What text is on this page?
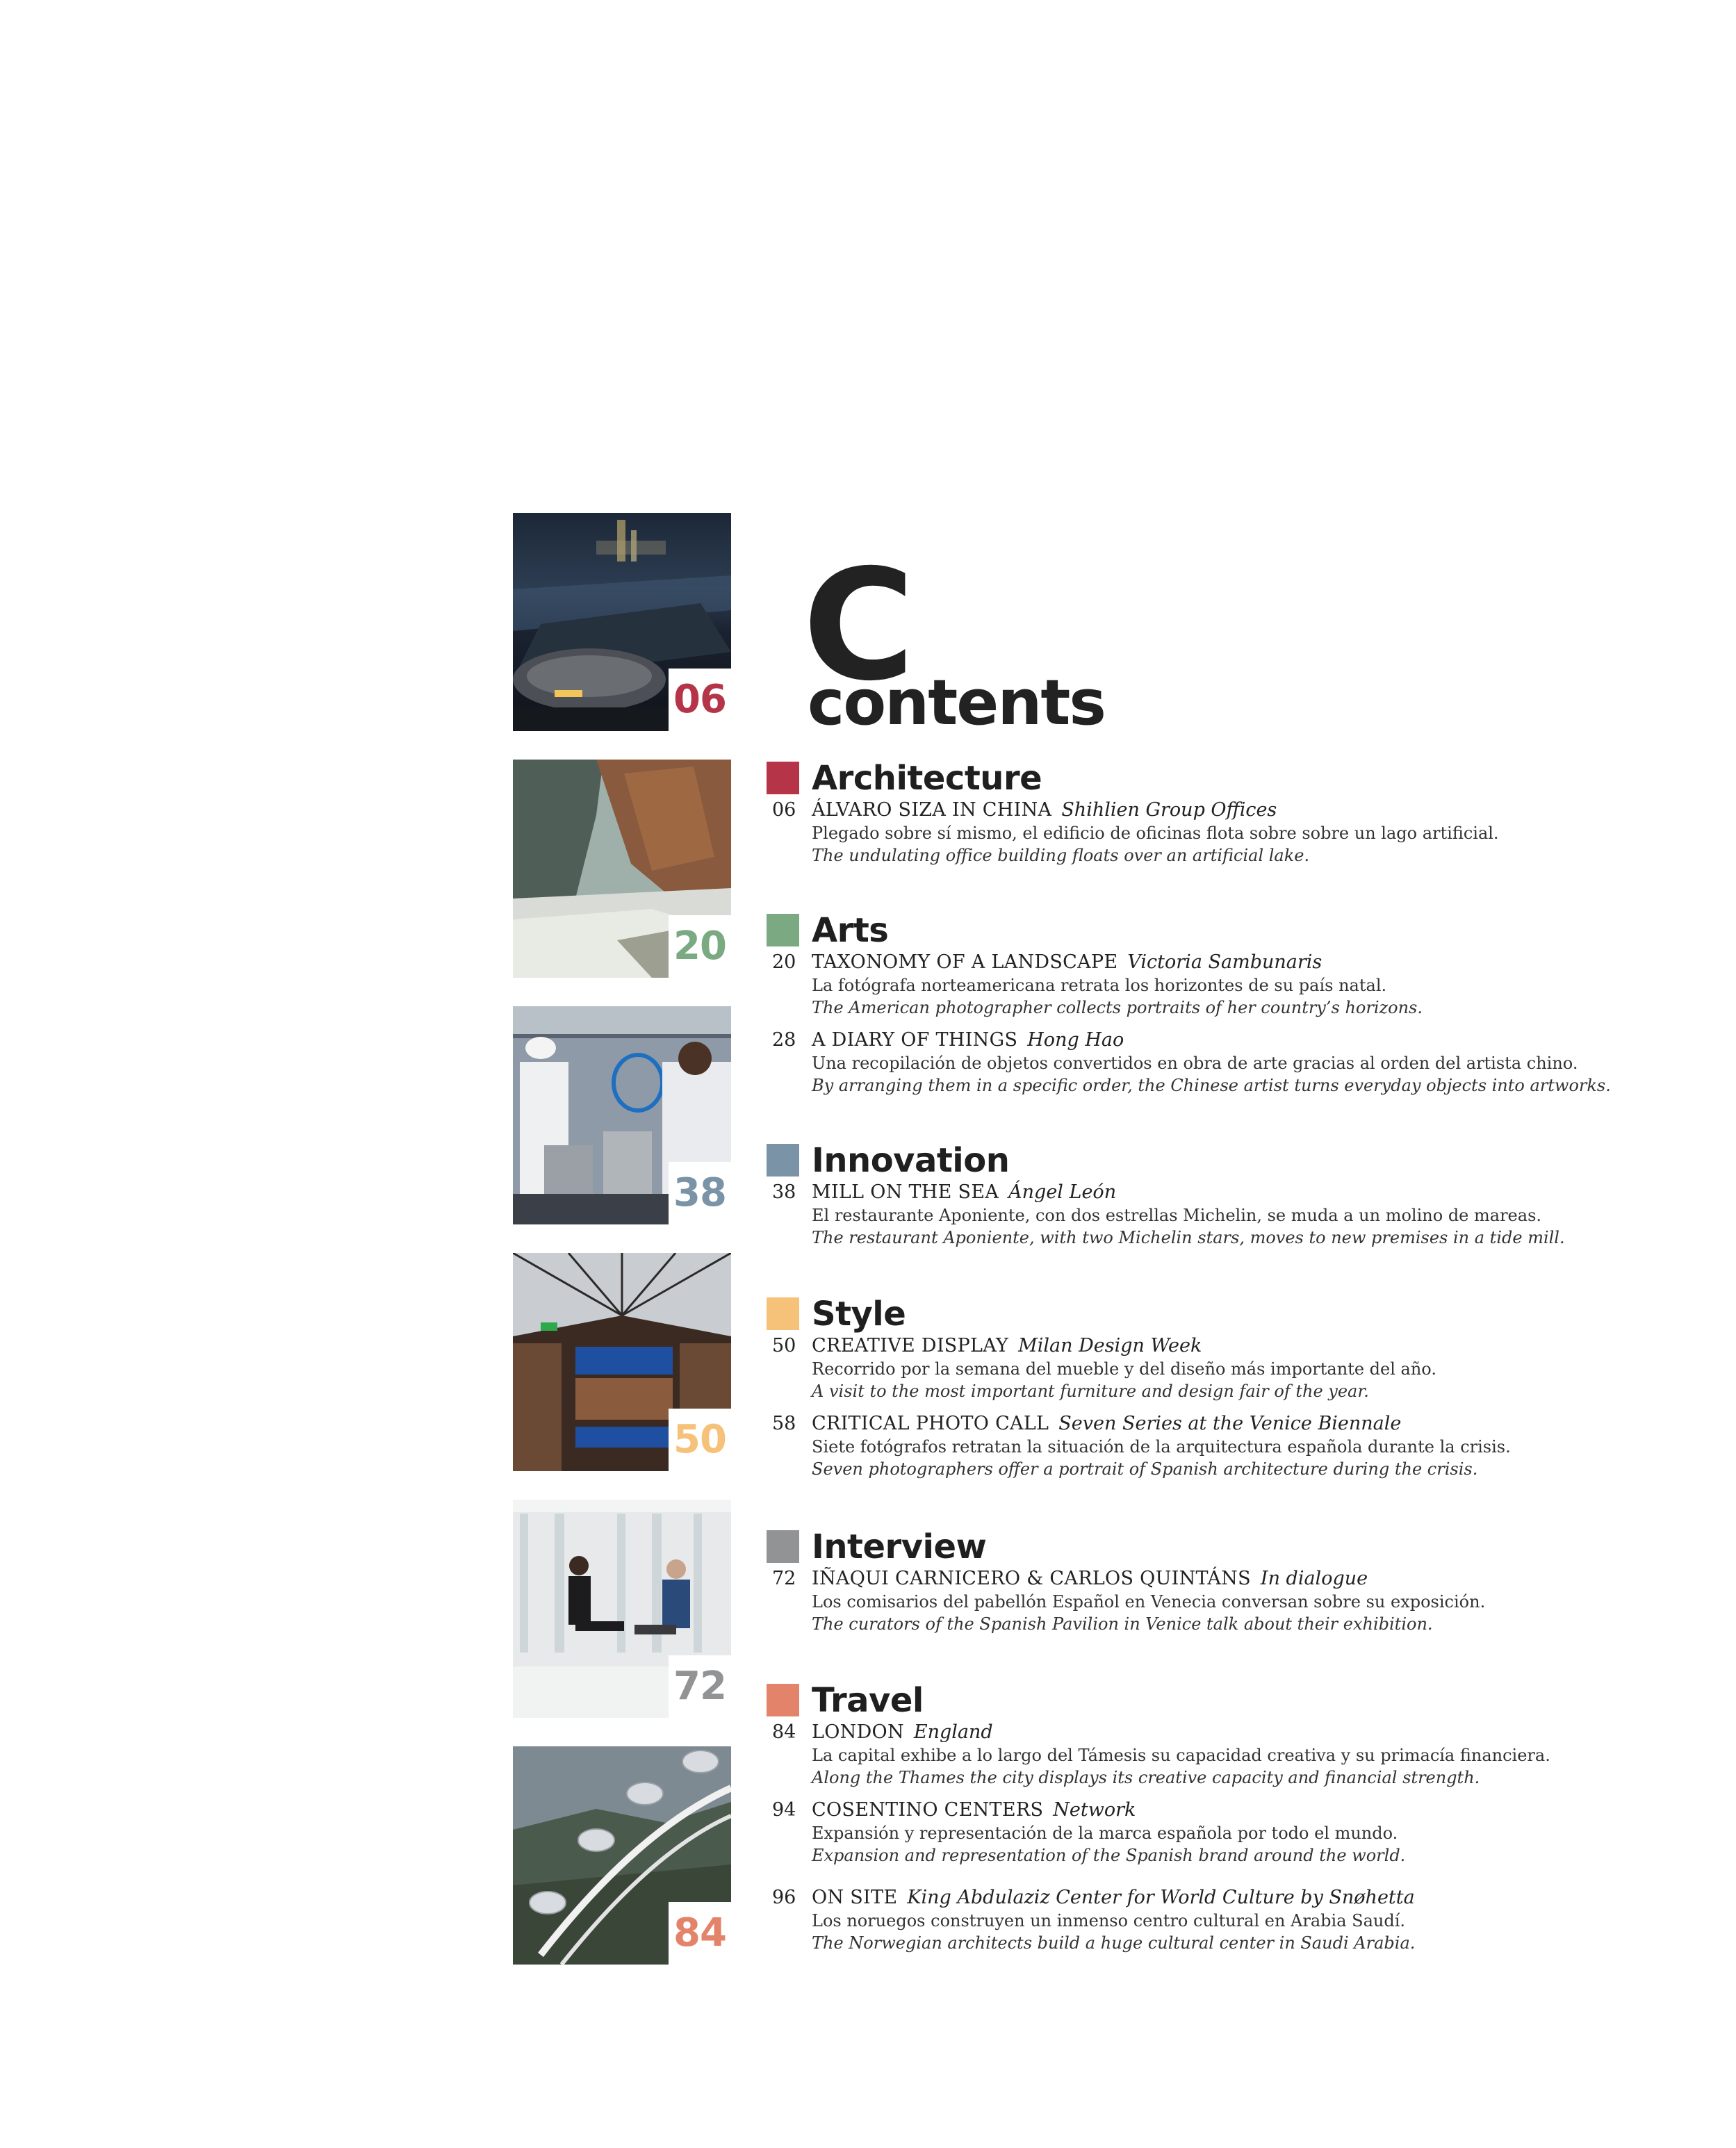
06
20
38
50
72
84
C
contents
Architecture
06 ÁLVARO SIZA IN CHINA Shihlien Group Offices
Plegado sobre sí mismo, el edificio de oficinas flota sobre sobre un lago artificial.
The undulating office building floats over an artificial lake.
Arts
20 TAXONOMY OF A LANDSCAPE Victoria Sambunaris
La fotógrafa norteamericana retrata los horizontes de su país natal.
The American photographer collects portraits of her country’s horizons.
28 A DIARY OF THINGS Hong Hao
Una recopilación de objetos convertidos en obra de arte gracias al orden del artista chino.
By arranging them in a specific order, the Chinese artist turns everyday objects into artworks.
Innovation
38 MILL ON THE SEA Ángel León
El restaurante Aponiente, con dos estrellas Michelin, se muda a un molino de mareas.
The restaurant Aponiente, with two Michelin stars, moves to new premises in a tide mill.
Style
50 CREATIVE DISPLAY Milan Design Week
Recorrido por la semana del mueble y del diseño más importante del año.
A visit to the most important furniture and design fair of the year.
58 CRITICAL PHOTO CALL Seven Series at the Venice Biennale
Siete fotógrafos retratan la situación de la arquitectura española durante la crisis.
Seven photographers offer a portrait of Spanish architecture during the crisis.
Interview
72 IÑAQUI CARNICERO & CARLOS QUINTÁNS In dialogue
Los comisarios del pabellón Español en Venecia conversan sobre su exposición.
The curators of the Spanish Pavilion in Venice talk about their exhibition.
Travel
84 LONDON England
La capital exhibe a lo largo del Támesis su capacidad creativa y su primacía financiera.
Along the Thames the city displays its creative capacity and financial strength.
94 COSENTINO CENTERS Network
Expansión y representación de la marca española por todo el mundo.
Expansion and representation of the Spanish brand around the world.
96 ON SITE King Abdulaziz Center for World Culture by Snøhetta
Los noruegos construyen un inmenso centro cultural en Arabia Saudí.
The Norwegian architects build a huge cultural center in Saudi Arabia.
